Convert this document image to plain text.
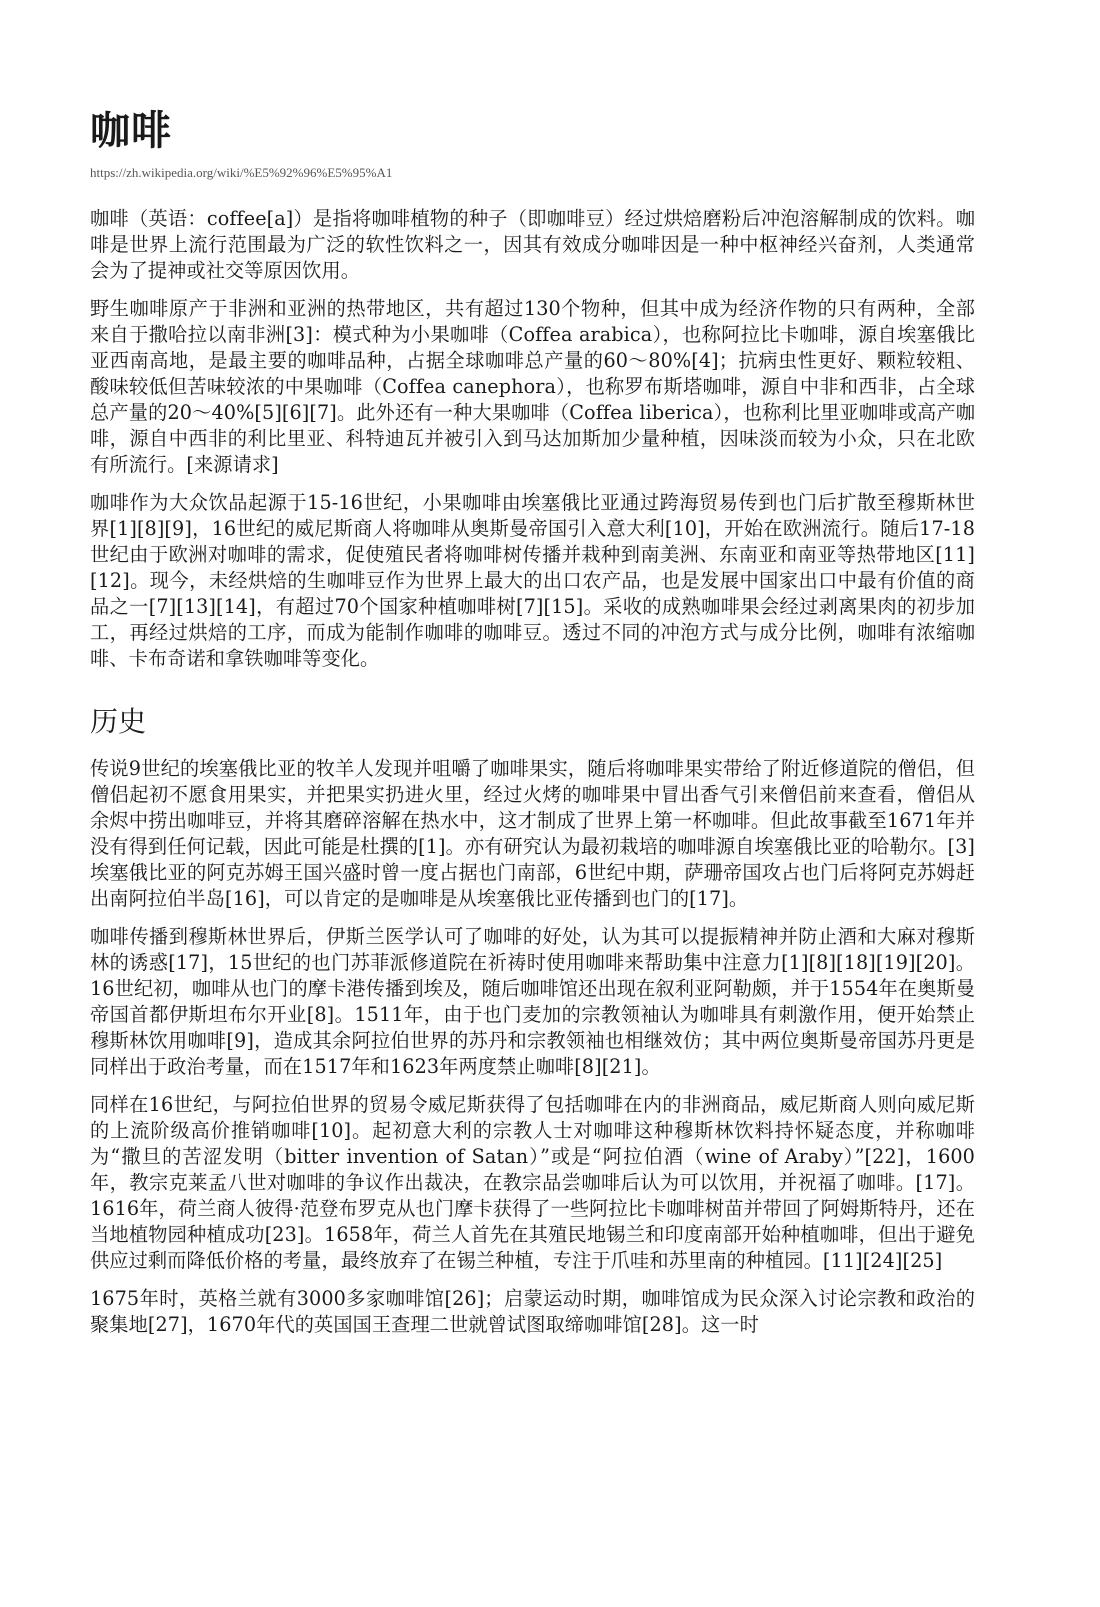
咖啡
https://zh.wikipedia.org/wiki/%E5%92%96%E5%95%A1

咖啡（英语：coffee[a]）是指将咖啡植物的种子（即咖啡豆）经过烘焙磨粉后冲泡溶解制成的饮料。咖啡是世界上流行范围最为广泛的软性饮料之一，因其有效成分咖啡因是一种中枢神经兴奋剂，人类通常会为了提神或社交等原因饮用。

野生咖啡原产于非洲和亚洲的热带地区，共有超过130个物种，但其中成为经济作物的只有两种，全部来自于撒哈拉以南非洲[3]：模式种为小果咖啡（Coffea arabica），也称阿拉比卡咖啡，源自埃塞俄比亚西南高地，是最主要的咖啡品种，占据全球咖啡总产量的60～80%[4]；抗病虫性更好、颗粒较粗、酸味较低但苦味较浓的中果咖啡（Coffea canephora），也称罗布斯塔咖啡，源自中非和西非，占全球总产量的20～40%[5][6][7]。此外还有一种大果咖啡（Coffea liberica），也称利比里亚咖啡或高产咖啡，源自中西非的利比里亚、科特迪瓦并被引入到马达加斯加少量种植，因味淡而较为小众，只在北欧有所流行。[来源请求]

咖啡作为大众饮品起源于15-16世纪，小果咖啡由埃塞俄比亚通过跨海贸易传到也门后扩散至穆斯林世界[1][8][9]，16世纪的威尼斯商人将咖啡从奥斯曼帝国引入意大利[10]，开始在欧洲流行。随后17-18世纪由于欧洲对咖啡的需求，促使殖民者将咖啡树传播并栽种到南美洲、东南亚和南亚等热带地区[11][12]。现今，未经烘焙的生咖啡豆作为世界上最大的出口农产品，也是发展中国家出口中最有价值的商品之一[7][13][14]，有超过70个国家种植咖啡树[7][15]。采收的成熟咖啡果会经过剥离果肉的初步加工，再经过烘焙的工序，而成为能制作咖啡的咖啡豆。透过不同的冲泡方式与成分比例，咖啡有浓缩咖啡、卡布奇诺和拿铁咖啡等变化。

历史

传说9世纪的埃塞俄比亚的牧羊人发现并咀嚼了咖啡果实，随后将咖啡果实带给了附近修道院的僧侣，但僧侣起初不愿食用果实，并把果实扔进火里，经过火烤的咖啡果中冒出香气引来僧侣前来查看，僧侣从余烬中捞出咖啡豆，并将其磨碎溶解在热水中，这才制成了世界上第一杯咖啡。但此故事截至1671年并没有得到任何记载，因此可能是杜撰的[1]。亦有研究认为最初栽培的咖啡源自埃塞俄比亚的哈勒尔。[3]埃塞俄比亚的阿克苏姆王国兴盛时曾一度占据也门南部，6世纪中期，萨珊帝国攻占也门后将阿克苏姆赶出南阿拉伯半岛[16]，可以肯定的是咖啡是从埃塞俄比亚传播到也门的[17]。

咖啡传播到穆斯林世界后，伊斯兰医学认可了咖啡的好处，认为其可以提振精神并防止酒和大麻对穆斯林的诱惑[17]，15世纪的也门苏菲派修道院在祈祷时使用咖啡来帮助集中注意力[1][8][18][19][20]。 16世纪初，咖啡从也门的摩卡港传播到埃及，随后咖啡馆还出现在叙利亚阿勒颇，并于1554年在奥斯曼帝国首都伊斯坦布尔开业[8]。1511年，由于也门麦加的宗教领袖认为咖啡具有刺激作用，便开始禁止穆斯林饮用咖啡[9]，造成其余阿拉伯世界的苏丹和宗教领袖也相继效仿；其中两位奥斯曼帝国苏丹更是同样出于政治考量，而在1517年和1623年两度禁止咖啡[8][21]。

同样在16世纪，与阿拉伯世界的贸易令威尼斯获得了包括咖啡在内的非洲商品，威尼斯商人则向威尼斯的上流阶级高价推销咖啡[10]。起初意大利的宗教人士对咖啡这种穆斯林饮料持怀疑态度，并称咖啡为“撒旦的苦涩发明（bitter invention of Satan）”或是“阿拉伯酒（wine of Araby）”[22]，1600年，教宗克莱孟八世对咖啡的争议作出裁决，在教宗品尝咖啡后认为可以饮用，并祝福了咖啡。[17]。 1616年，荷兰商人彼得·范登布罗克从也门摩卡获得了一些阿拉比卡咖啡树苗并带回了阿姆斯特丹，还在当地植物园种植成功[23]。1658年，荷兰人首先在其殖民地锡兰和印度南部开始种植咖啡，但出于避免供应过剩而降低价格的考量，最终放弃了在锡兰种植，专注于爪哇和苏里南的种植园。[11][24][25]

1675年时，英格兰就有3000多家咖啡馆[26]；启蒙运动时期，咖啡馆成为民众深入讨论宗教和政治的聚集地[27]，1670年代的英国国王查理二世就曾试图取缔咖啡馆[28]。这一时
